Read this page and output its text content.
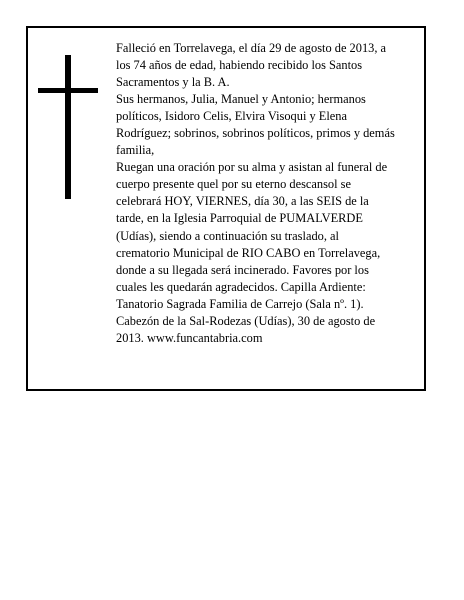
Falleció en Torrelavega, el día 29 de agosto de 2013, a
los 74 años de edad, habiendo recibido los Santos
Sacramentos y la B. A.
Sus hermanos, Julia, Manuel y Antonio; hermanos
políticos, Isidoro Celis, Elvira Visoqui y Elena
Rodríguez; sobrinos, sobrinos políticos, primos y demás
familia,
Ruegan una oración por su alma y asistan al funeral de
cuerpo presente quel por su eterno descansol se
celebrará HOY, VIERNES, día 30, a las SEIS de la
tarde, en la Iglesia Parroquial de PUMALVERDE
(Udías), siendo a continuación su traslado, al
crematorio Municipal de RIO CABO en Torrelavega,
donde a su llegada será incinerado. Favores por los
cuales les quedarán agradecidos. Capilla Ardiente:
Tanatorio Sagrada Familia de Carrejo (Sala nº. 1).
Cabezón de la Sal-Rodezas (Udías), 30 de agosto de
2013. www.funcantabria.com
